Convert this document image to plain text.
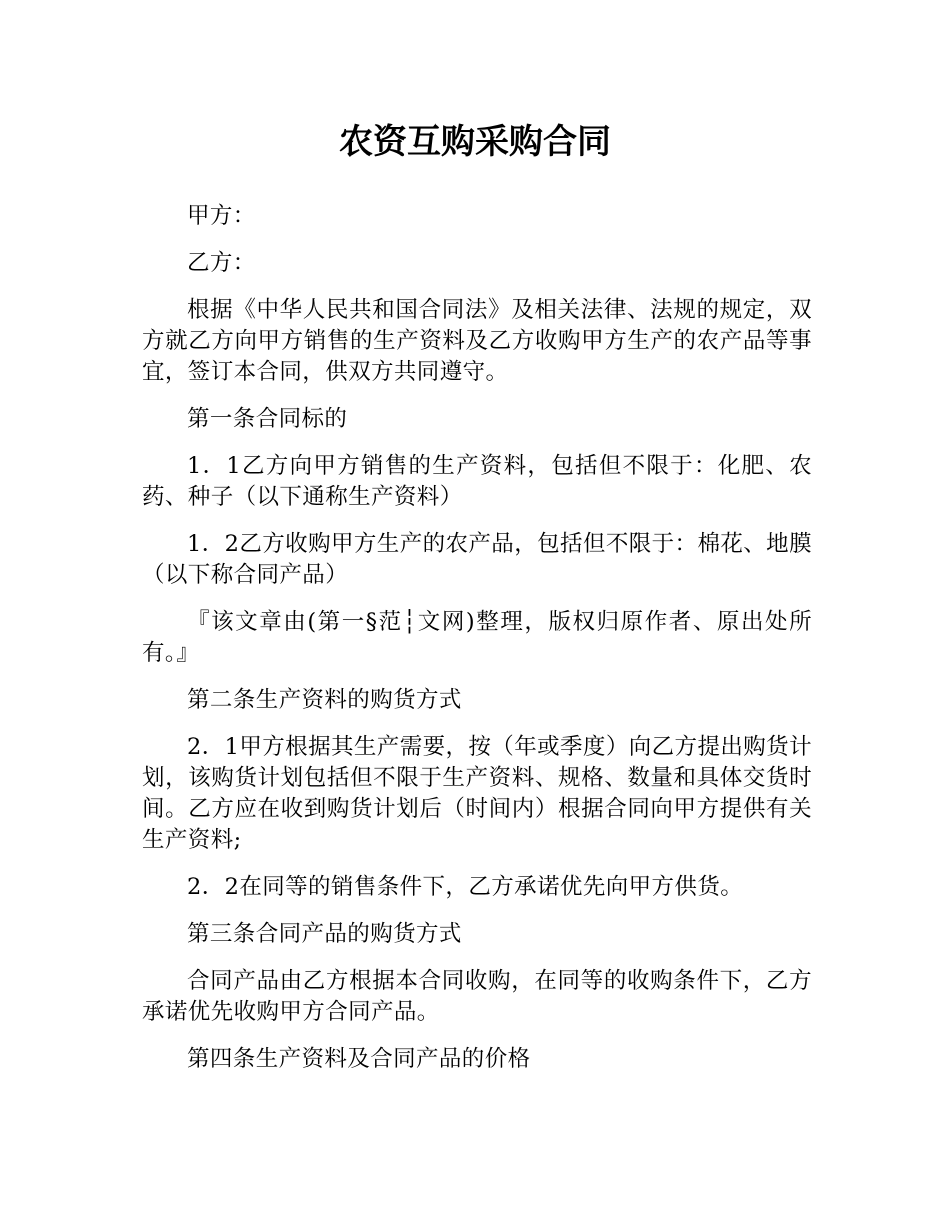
农资互购采购合同

甲方：

乙方：

根据《中华人民共和国合同法》及相关法律、法规的规定，双方就乙方向甲方销售的生产资料及乙方收购甲方生产的农产品等事宜，签订本合同，供双方共同遵守。

第一条合同标的

1．1乙方向甲方销售的生产资料，包括但不限于：化肥、农药、种子（以下通称生产资料）

1．2乙方收购甲方生产的农产品，包括但不限于：棉花、地膜（以下称合同产品）

『该文章由(第一§范┆文网)整理，版权归原作者、原出处所有。』

第二条生产资料的购货方式

2．1甲方根据其生产需要，按（年或季度）向乙方提出购货计划，该购货计划包括但不限于生产资料、规格、数量和具体交货时间。乙方应在收到购货计划后（时间内）根据合同向甲方提供有关生产资料;

2．2在同等的销售条件下，乙方承诺优先向甲方供货。

第三条合同产品的购货方式

合同产品由乙方根据本合同收购，在同等的收购条件下，乙方承诺优先收购甲方合同产品。

第四条生产资料及合同产品的价格
